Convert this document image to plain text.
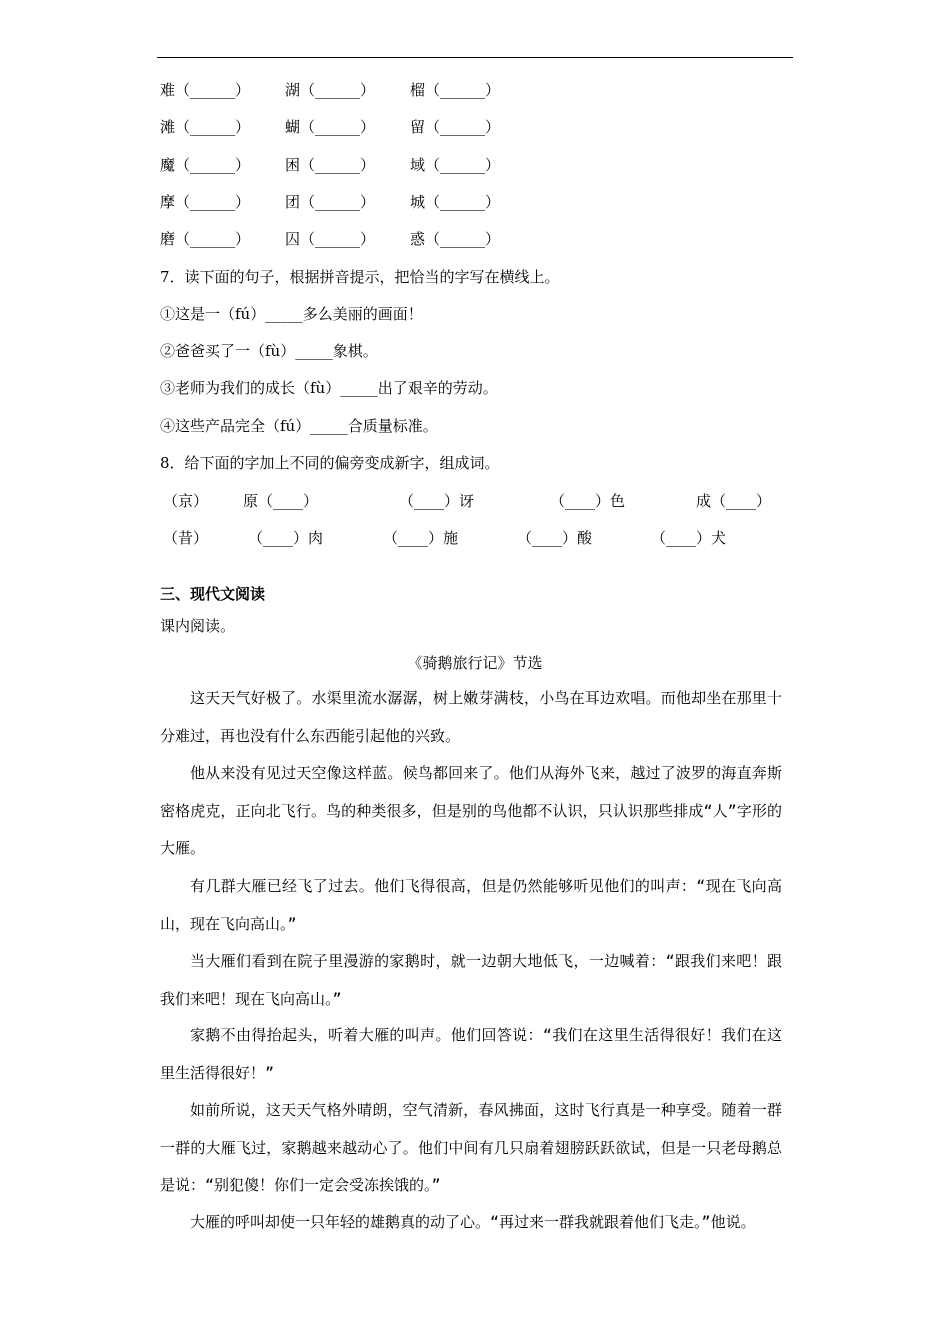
难（______） 湖（______） 榴（______）
滩（______） 蝴（______） 留（______）
魔（______） 困（______） 域（______）
摩（______） 团（______） 城（______）
磨（______） 囚（______） 惑（______）
7．读下面的句子，根据拼音提示，把恰当的字写在横线上。
①这是一（fú）_____多么美丽的画面！
②爸爸买了一（fù）_____象棋。
③老师为我们的成长（fù）_____出了艰辛的劳动。
④这些产品完全（fú）_____合质量标准。
8．给下面的字加上不同的偏旁变成新字，组成词。
（京） 原（____）	（____）讶	（____）色	成（____）
（昔）	（____）肉	（____）施	（____）酸	（____）犬
三、现代文阅读
课内阅读。
《骑鹅旅行记》节选

这天天气好极了。水渠里流水潺潺，树上嫩芽满枝，小鸟在耳边欢唱。而他却坐在那里十分难过，再也没有什么东西能引起他的兴致。

他从来没有见过天空像这样蓝。候鸟都回来了。他们从海外飞来，越过了波罗的海直奔斯密格虎克，正向北飞行。鸟的种类很多，但是别的鸟他都不认识，只认识那些排成“人”字形的大雁。

有几群大雁已经飞了过去。他们飞得很高，但是仍然能够听见他们的叫声：“现在飞向高山，现在飞向高山。”

当大雁们看到在院子里漫游的家鹅时，就一边朝大地低飞，一边喊着：“跟我们来吧！跟我们来吧！现在飞向高山。”

家鹅不由得抬起头，听着大雁的叫声。他们回答说：“我们在这里生活得很好！我们在这里生活得很好！”

如前所说，这天天气格外晴朗，空气清新，春风拂面，这时飞行真是一种享受。随着一群一群的大雁飞过，家鹅越来越动心了。他们中间有几只扇着翅膀跃跃欲试，但是一只老母鹅总是说：“别犯傻！你们一定会受冻挨饿的。”

大雁的呼叫却使一只年轻的雄鹅真的动了心。“再过来一群我就跟着他们飞走。”他说。
